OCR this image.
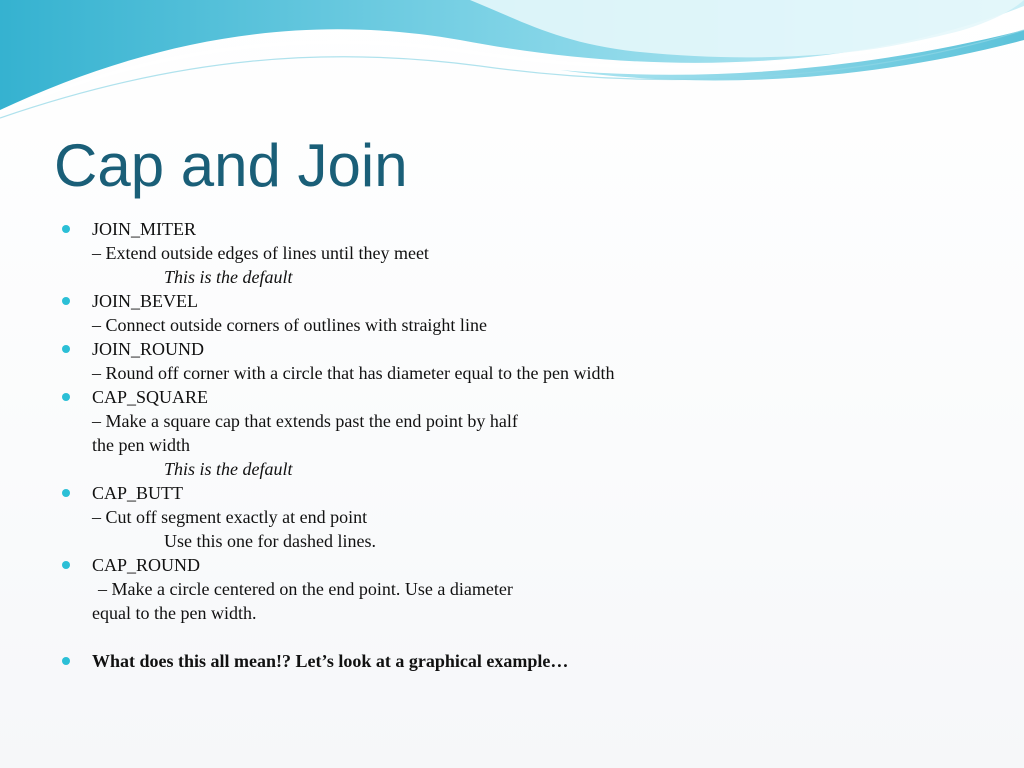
Cap and Join
JOIN_MITER
– Extend outside edges of lines until they meet
This is the default
JOIN_BEVEL
– Connect outside corners of outlines with straight line
JOIN_ROUND
– Round off corner with a circle that has diameter equal to the pen width
CAP_SQUARE
– Make a square cap that extends past the end point by half
the pen width
This is the default
CAP_BUTT
– Cut off segment exactly at end point
Use this one for dashed lines.
CAP_ROUND
– Make a circle centered on the end point. Use a diameter
equal to the pen width.
What does this all mean!? Let’s look at a graphical example…
